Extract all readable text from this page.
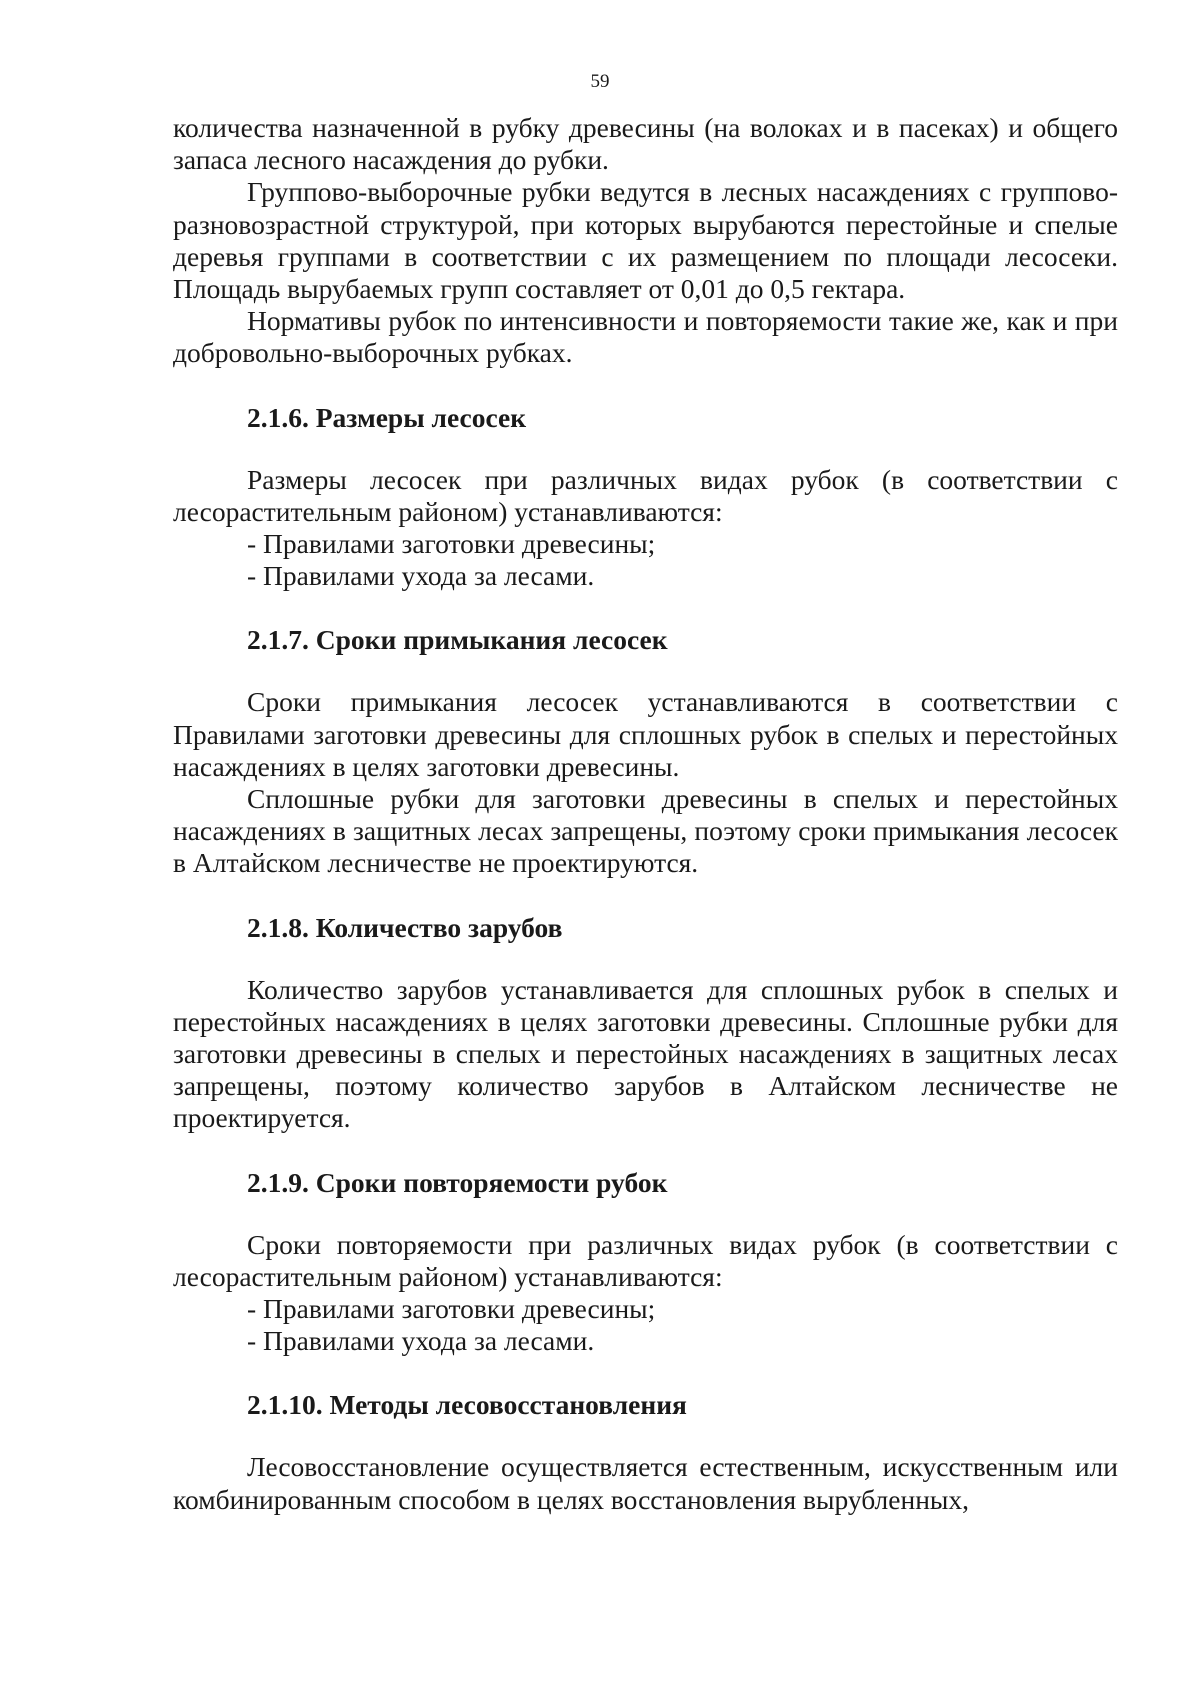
59

количества назначенной в рубку древесины (на волоках и в пасеках) и общего запаса лесного насаждения до рубки.

Группово-выборочные рубки ведутся в лесных насаждениях с группово-разновозрастной структурой, при которых вырубаются перестойные и спелые деревья группами в соответствии с их размещением по площади лесосеки. Площадь вырубаемых групп составляет от 0,01 до 0,5 гектара.

Нормативы рубок по интенсивности и повторяемости такие же, как и при добровольно-выборочных рубках.

2.1.6. Размеры лесосек

Размеры лесосек при различных видах рубок (в соответствии с лесорастительным районом) устанавливаются:

- Правилами заготовки древесины;

- Правилами ухода за лесами.

2.1.7. Сроки примыкания лесосек

Сроки примыкания лесосек устанавливаются в соответствии с Правилами заготовки древесины для сплошных рубок в спелых и перестойных насаждениях в целях заготовки древесины.

Сплошные рубки для заготовки древесины в спелых и перестойных насаждениях в защитных лесах запрещены, поэтому сроки примыкания лесосек в Алтайском лесничестве не проектируются.

2.1.8. Количество зарубов

Количество зарубов устанавливается для сплошных рубок в спелых и перестойных насаждениях в целях заготовки древесины. Сплошные рубки для заготовки древесины в спелых и перестойных насаждениях в защитных лесах запрещены, поэтому количество зарубов в Алтайском лесничестве не проектируется.

2.1.9. Сроки повторяемости рубок

Сроки повторяемости при различных видах рубок (в соответствии с лесорастительным районом) устанавливаются:

- Правилами заготовки древесины;

- Правилами ухода за лесами.

2.1.10. Методы лесовосстановления

Лесовосстановление осуществляется естественным, искусственным или комбинированным способом в целях восстановления вырубленных,
